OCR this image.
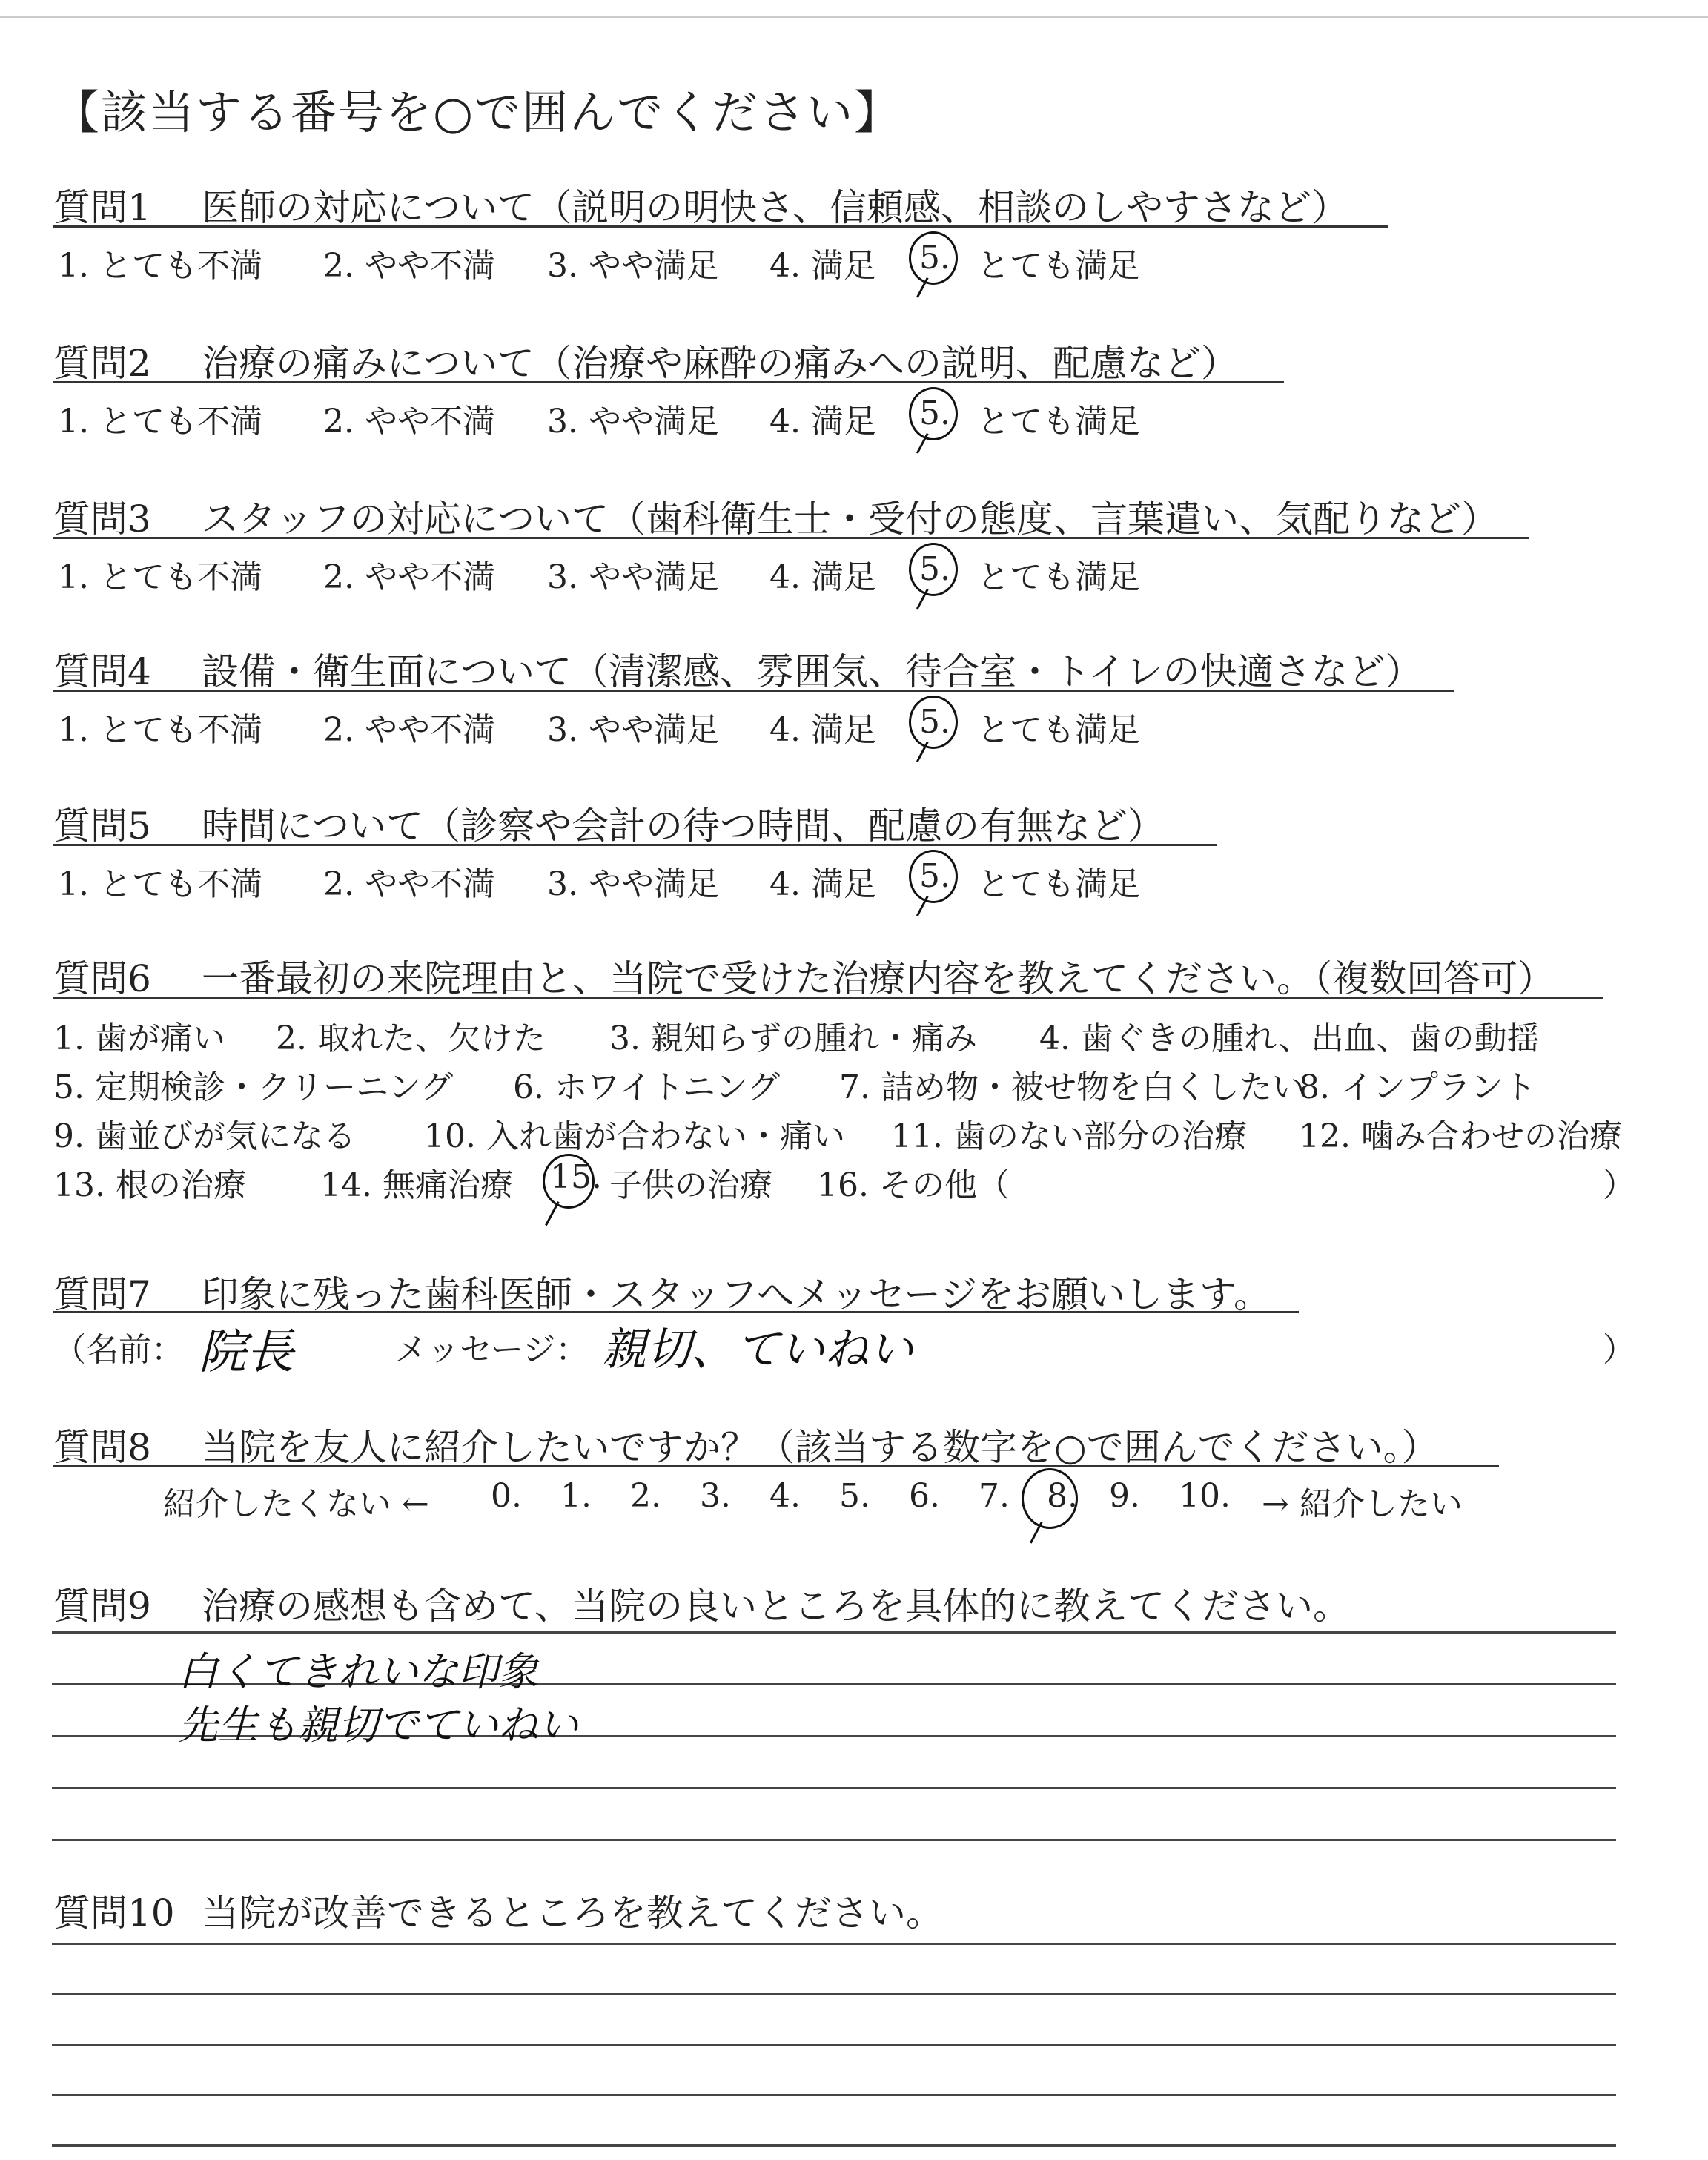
【該当する番号を○で囲んでください】
質問1 医師の対応について（説明の明快さ、信頼感、相談のしやすさなど）
1. とても不満 2. やや不満 3. やや満足 4. 満足 5. とても満足
質問2 治療の痛みについて（治療や麻酔の痛みへの説明、配慮など）
1. とても不満 2. やや不満 3. やや満足 4. 満足 5. とても満足
質問3 スタッフの対応について（歯科衛生士・受付の態度、言葉遣い、気配りなど）
1. とても不満 2. やや不満 3. やや満足 4. 満足 5. とても満足
質問4 設備・衛生面について（清潔感、雰囲気、待合室・トイレの快適さなど）
1. とても不満 2. やや不満 3. やや満足 4. 満足 5. とても満足
質問5 時間について（診察や会計の待つ時間、配慮の有無など）
1. とても不満 2. やや不満 3. やや満足 4. 満足 5. とても満足
質問6 一番最初の来院理由と、当院で受けた治療内容を教えてください。（複数回答可）
1. 歯が痛い 2. 取れた、欠けた 3. 親知らずの腫れ・痛み 4. 歯ぐきの腫れ、出血、歯の動揺
5. 定期検診・クリーニング 6. ホワイトニング 7. 詰め物・被せ物を白くしたい
8. インプラント
9. 歯並びが気になる 10. 入れ歯が合わない・痛い 11. 歯のない部分の治療 12. 噛み合わせの治療
13. 根の治療 14. 無痛治療 15. 子供の治療 16. その他（	）
質問7 印象に残った歯科医師・スタッフへメッセージをお願いします。
（名前： 院長	メッセージ： 親切、ていねい	）
質問8 当院を友人に紹介したいですか？（該当する数字を○で囲んでください。）
紹介したくない ← 0. 1. 2. 3. 4. 5. 6. 7. 8. 9. 10. → 紹介したい
質問9 治療の感想も含めて、当院の良いところを具体的に教えてください。
白くてきれいな印象
先生も親切でていねい
質問10 当院が改善できるところを教えてください。
